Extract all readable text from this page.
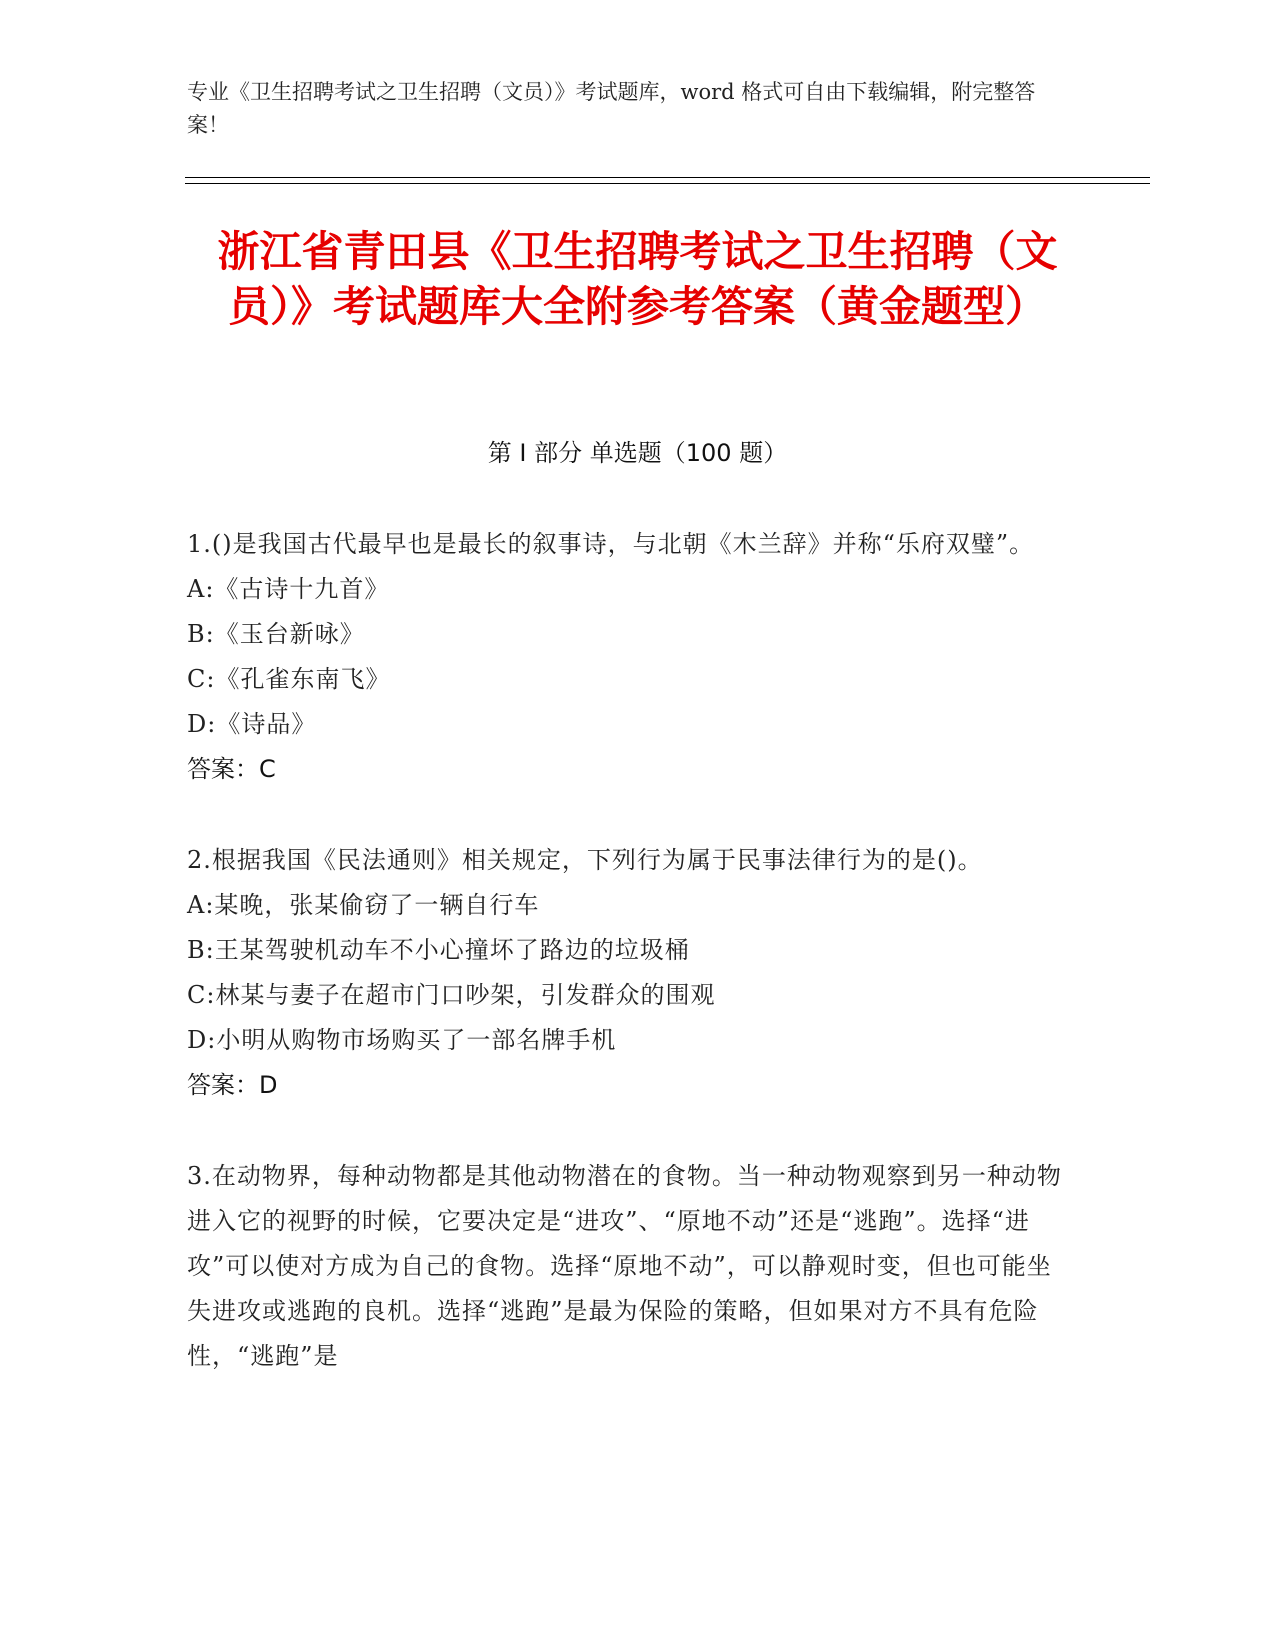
专业《卫生招聘考试之卫生招聘（文员）》考试题库，word 格式可自由下载编辑，附完整答案！
浙江省青田县《卫生招聘考试之卫生招聘（文员）》考试题库大全附参考答案（黄金题型）
第 I 部分 单选题（100 题）

1.()是我国古代最早也是最长的叙事诗，与北朝《木兰辞》并称“乐府双璧”。

A:《古诗十九首》

B:《玉台新咏》

C:《孔雀东南飞》

D:《诗品》

答案：C

2.根据我国《民法通则》相关规定，下列行为属于民事法律行为的是()。

A:某晚，张某偷窃了一辆自行车

B:王某驾驶机动车不小心撞坏了路边的垃圾桶

C:林某与妻子在超市门口吵架，引发群众的围观

D:小明从购物市场购买了一部名牌手机

答案：D

3.在动物界，每种动物都是其他动物潜在的食物。当一种动物观察到另一种动物进入它的视野的时候，它要决定是“进攻”、“原地不动”还是“逃跑”。选择“进攻”可以使对方成为自己的食物。选择“原地不动”，可以静观时变，但也可能坐失进攻或逃跑的良机。选择“逃跑”是最为保险的策略，但如果对方不具有危险性，“逃跑”是
